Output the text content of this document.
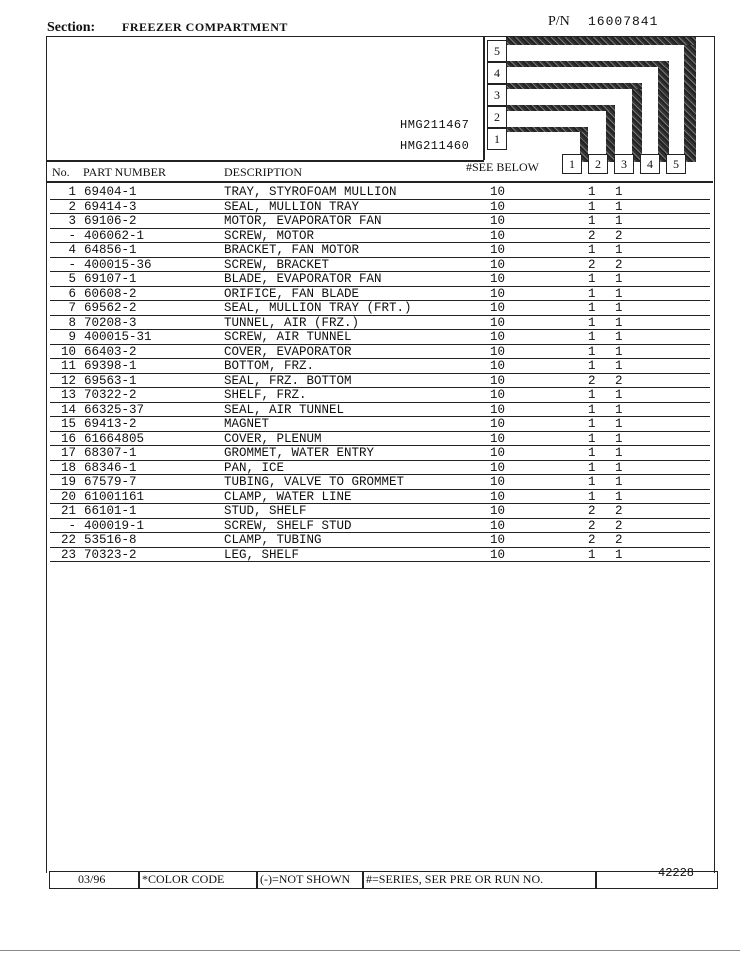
Section: FREEZER COMPARTMENT	P/N 16007841
5
4
3
2
1
1	2	3	4	5
HMG211467
HMG211460
No. PART NUMBER	DESCRIPTION	#SEE BELOW
1 69404-1	TRAY, STYROFOAM MULLION	10	1 1
2 69414-3	SEAL, MULLION TRAY	10	1 1
3 69106-2	MOTOR, EVAPORATOR FAN	10	1 1
- 406062-1	SCREW, MOTOR	10	2 2
4 64856-1	BRACKET, FAN MOTOR	10	1 1
- 400015-36	SCREW, BRACKET	10	2 2
5 69107-1	BLADE, EVAPORATOR FAN	10	1 1
6 60608-2	ORIFICE, FAN BLADE	10	1 1
7 69562-2	SEAL, MULLION TRAY (FRT.)	10	1 1
8 70208-3	TUNNEL, AIR (FRZ.)	10	1 1
9 400015-31	SCREW, AIR TUNNEL	10	1 1
10 66403-2	COVER, EVAPORATOR	10	1 1
11 69398-1	BOTTOM, FRZ.	10	1 1
12 69563-1	SEAL, FRZ. BOTTOM	10	2 2
13 70322-2	SHELF, FRZ.	10	1 1
14 66325-37	SEAL, AIR TUNNEL	10	1 1
15 69413-2	MAGNET	10	1 1
16 61664805	COVER, PLENUM	10	1 1
17 68307-1	GROMMET, WATER ENTRY	10	1 1
18 68346-1	PAN, ICE	10	1 1
19 67579-7	TUBING, VALVE TO GROMMET	10	1 1
20 61001161	CLAMP, WATER LINE	10	1 1
21 66101-1	STUD, SHELF	10	2 2
- 400019-1	SCREW, SHELF STUD	10	2 2
22 53516-8	CLAMP, TUBING	10	2 2
23 70323-2	LEG, SHELF	10	1 1
03/96	*COLOR CODE	(-)=NOT SHOWN #=SERIES, SER PRE OR RUN NO.	42228
